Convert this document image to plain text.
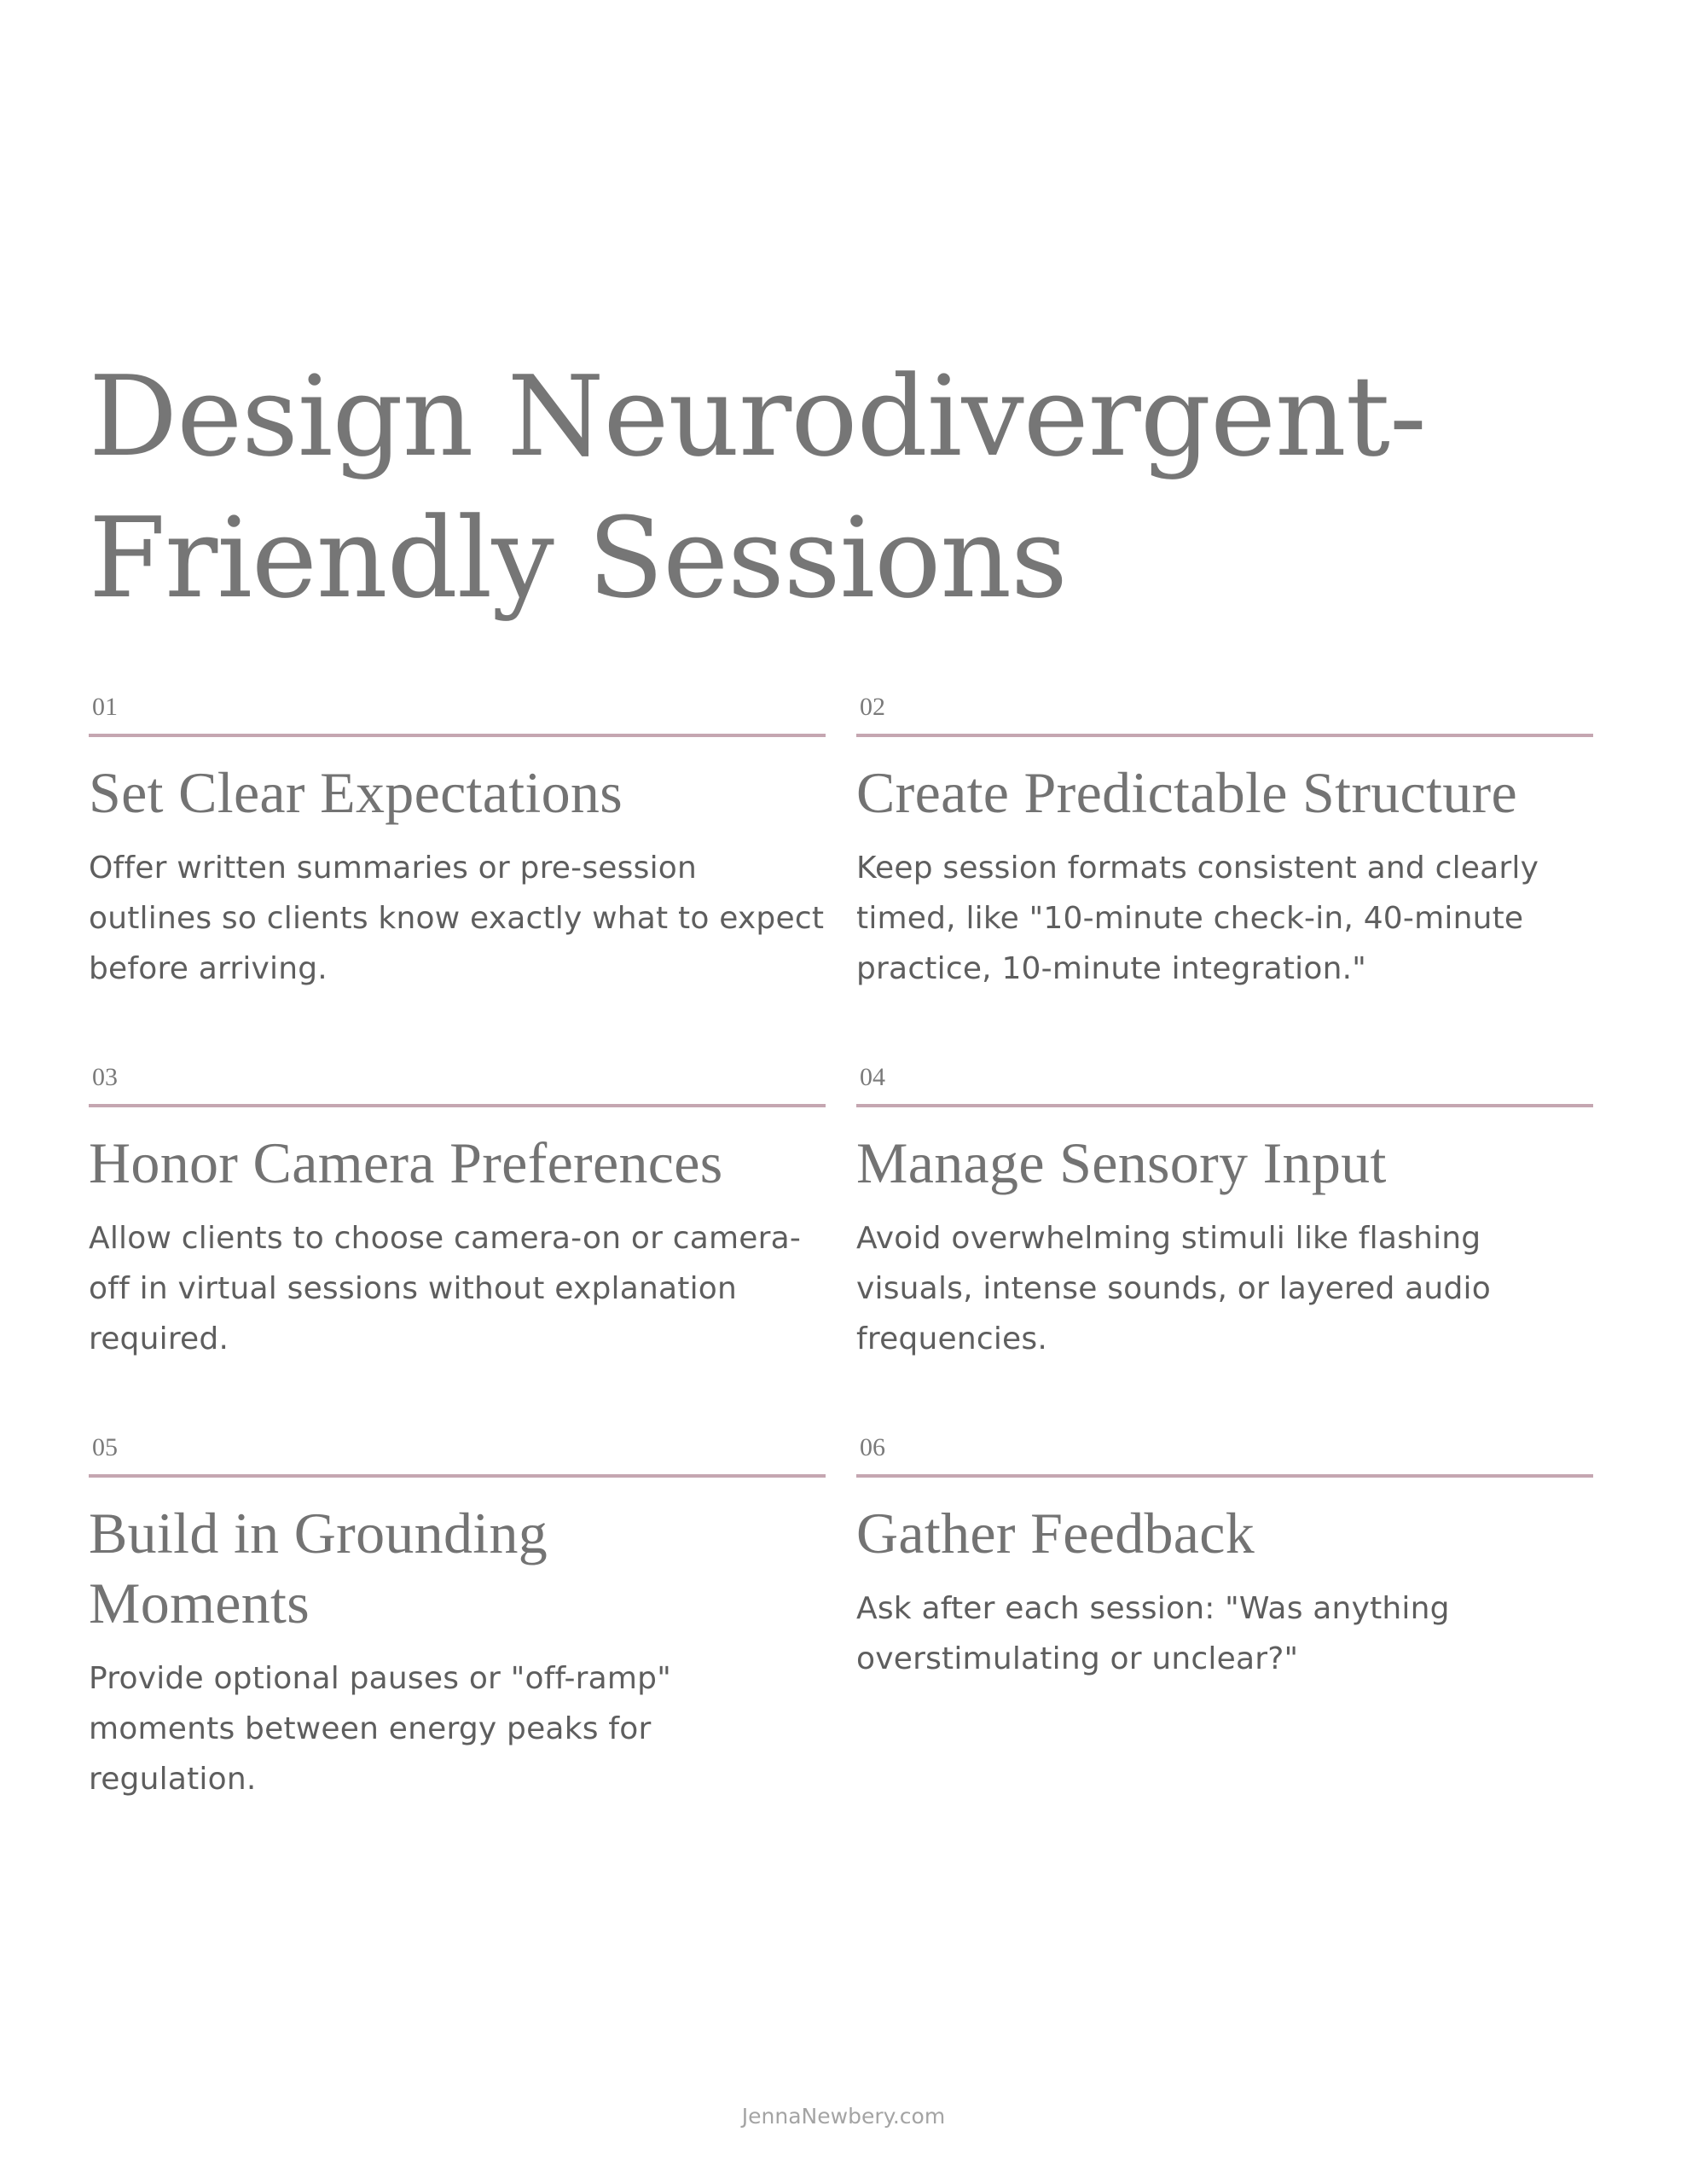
Design Neurodivergent-Friendly Sessions
01
Set Clear Expectations

Offer written summaries or pre-session outlines so clients know exactly what to expect before arriving.

02
Create Predictable Structure

Keep session formats consistent and clearly timed, like "10-minute check-in, 40-minute practice, 10-minute integration."

03
Honor Camera Preferences

Allow clients to choose camera-on or camera-off in virtual sessions without explanation required.

04
Manage Sensory Input

Avoid overwhelming stimuli like flashing visuals, intense sounds, or layered audio frequencies.

05
Build in Grounding Moments

Provide optional pauses or "off-ramp" moments between energy peaks for regulation.

06
Gather Feedback

Ask after each session: "Was anything overstimulating or unclear?"

JennaNewbery.com
